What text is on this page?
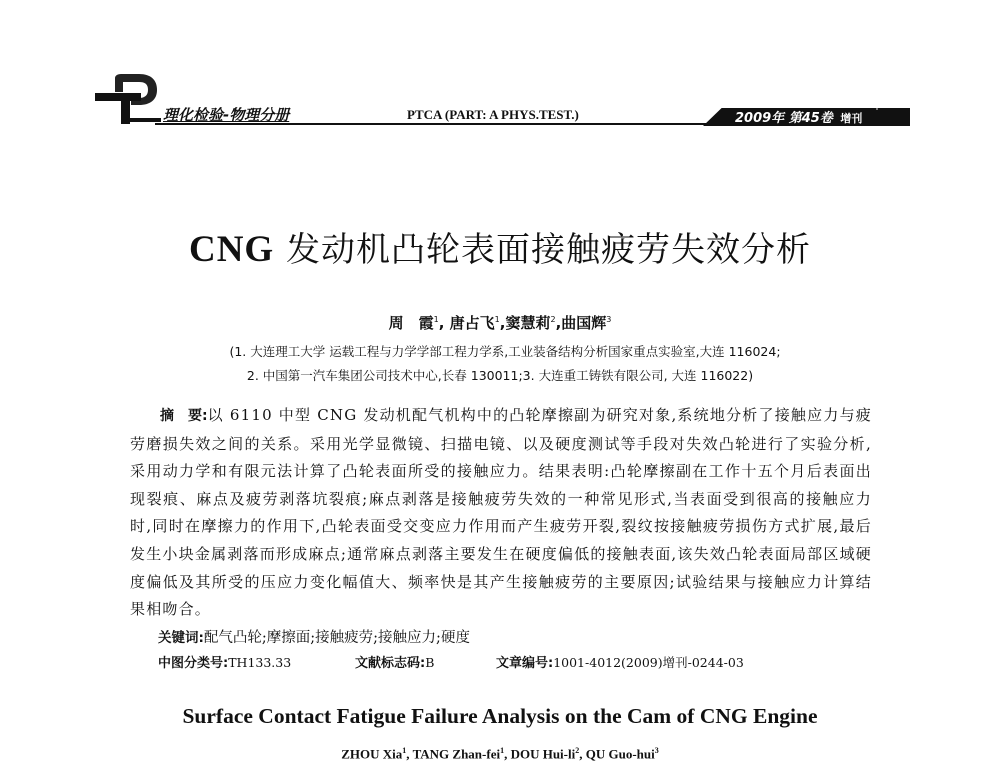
理化检验-物理分册	PTCA (PART: A PHYS.TEST.)	2009年 第45卷 增刊
CNG 发动机凸轮表面接触疲劳失效分析
周　霞$^1$, 唐占飞$^1$,窦慧莉$^2$,曲国辉$^3$
(1. 大连理工大学 运载工程与力学学部工程力学系,工业装备结构分析国家重点实验室,大连 116024;
2. 中国第一汽车集团公司技术中心,长春 130011;3. 大连重工铸铁有限公司, 大连 116022)
摘　要:以 6110 中型 CNG 发动机配气机构中的凸轮摩擦副为研究对象,系统地分析了接触应力与疲劳磨损失效之间的关系。采用光学显微镜、扫描电镜、以及硬度测试等手段对失效凸轮进行了实验分析,采用动力学和有限元法计算了凸轮表面所受的接触应力。结果表明:凸轮摩擦副在工作十五个月后表面出现裂痕、麻点及疲劳剥落坑裂痕;麻点剥落是接触疲劳失效的一种常见形式,当表面受到很高的接触应力时,同时在摩擦力的作用下,凸轮表面受交变应力作用而产生疲劳开裂,裂纹按接触疲劳损伤方式扩展,最后发生小块金属剥落而形成麻点;通常麻点剥落主要发生在硬度偏低的接触表面,该失效凸轮表面局部区域硬度偏低及其所受的压应力变化幅值大、频率快是其产生接触疲劳的主要原因;试验结果与接触应力计算结果相吻合。
关键词:配气凸轮;摩擦面;接触疲劳;接触应力;硬度
中图分类号:TH133.33	文献标志码:B	文章编号:1001-4012(2009)增刊-0244-03
Surface Contact Fatigue Failure Analysis on the Cam of CNG Engine
ZHOU Xia$^1$, TANG Zhan-fei$^1$, DOU Hui-$li^2$, QU Guo-hui$^3$
